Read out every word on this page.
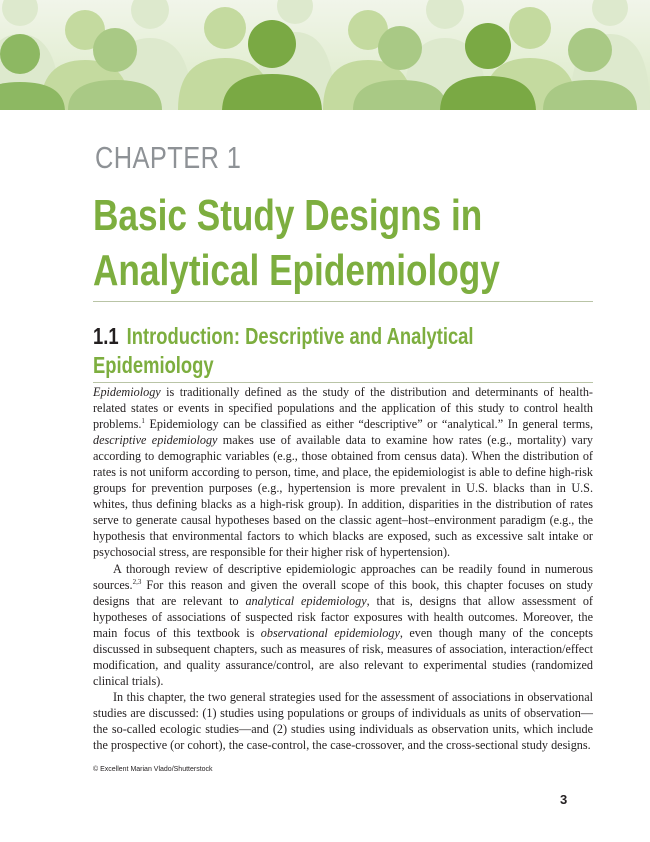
CHAPTER 1
Basic Study Designs in
Analytical Epidemiology
1.1 Introduction: Descriptive and Analytical
Epidemiology

Epidemiology is traditionally defined as the study of the distribution and determinants of health-related states or events in specified populations and the application of this study to control health problems.$^1$ Epidemiology can be classified as either “descriptive” or “analytical.” In general terms, descriptive epidemiology makes use of available data to examine how rates (e.g., mortality) vary according to demographic variables (e.g., those obtained from census data). When the distribution of rates is not uniform according to person, time, and place, the epidemiologist is able to define high-risk groups for prevention purposes (e.g., hypertension is more prevalent in U.S. blacks than in U.S. whites, thus defining blacks as a high-risk group). In addition, disparities in the distribution of rates serve to generate causal hypotheses based on the classic agent–host–environment paradigm (e.g., the hypothesis that environmental factors to which blacks are exposed, such as excessive salt intake or psychosocial stress, are responsible for their higher risk of hypertension).

A thorough review of descriptive epidemiologic approaches can be readily found in numerous sources.$^{2,3}$ For this reason and given the overall scope of this book, this chapter focuses on study designs that are relevant to analytical epidemiology, that is, designs that allow assessment of hypotheses of associations of suspected risk factor exposures with health outcomes. Moreover, the main focus of this textbook is observational epidemiology, even though many of the concepts discussed in subsequent chapters, such as measures of risk, measures of association, interaction/effect modification, and quality assurance/control, are also relevant to experimental studies (randomized clinical trials).

In this chapter, the two general strategies used for the assessment of associations in observational studies are discussed: (1) studies using populations or groups of individuals as units of observation—the so-called ecologic studies—and (2) studies using individuals as observation units, which include the prospective (or cohort), the case-control, the case-crossover, and the cross-sectional study designs.

© Excellent Marian Vlado/Shutterstock
3
